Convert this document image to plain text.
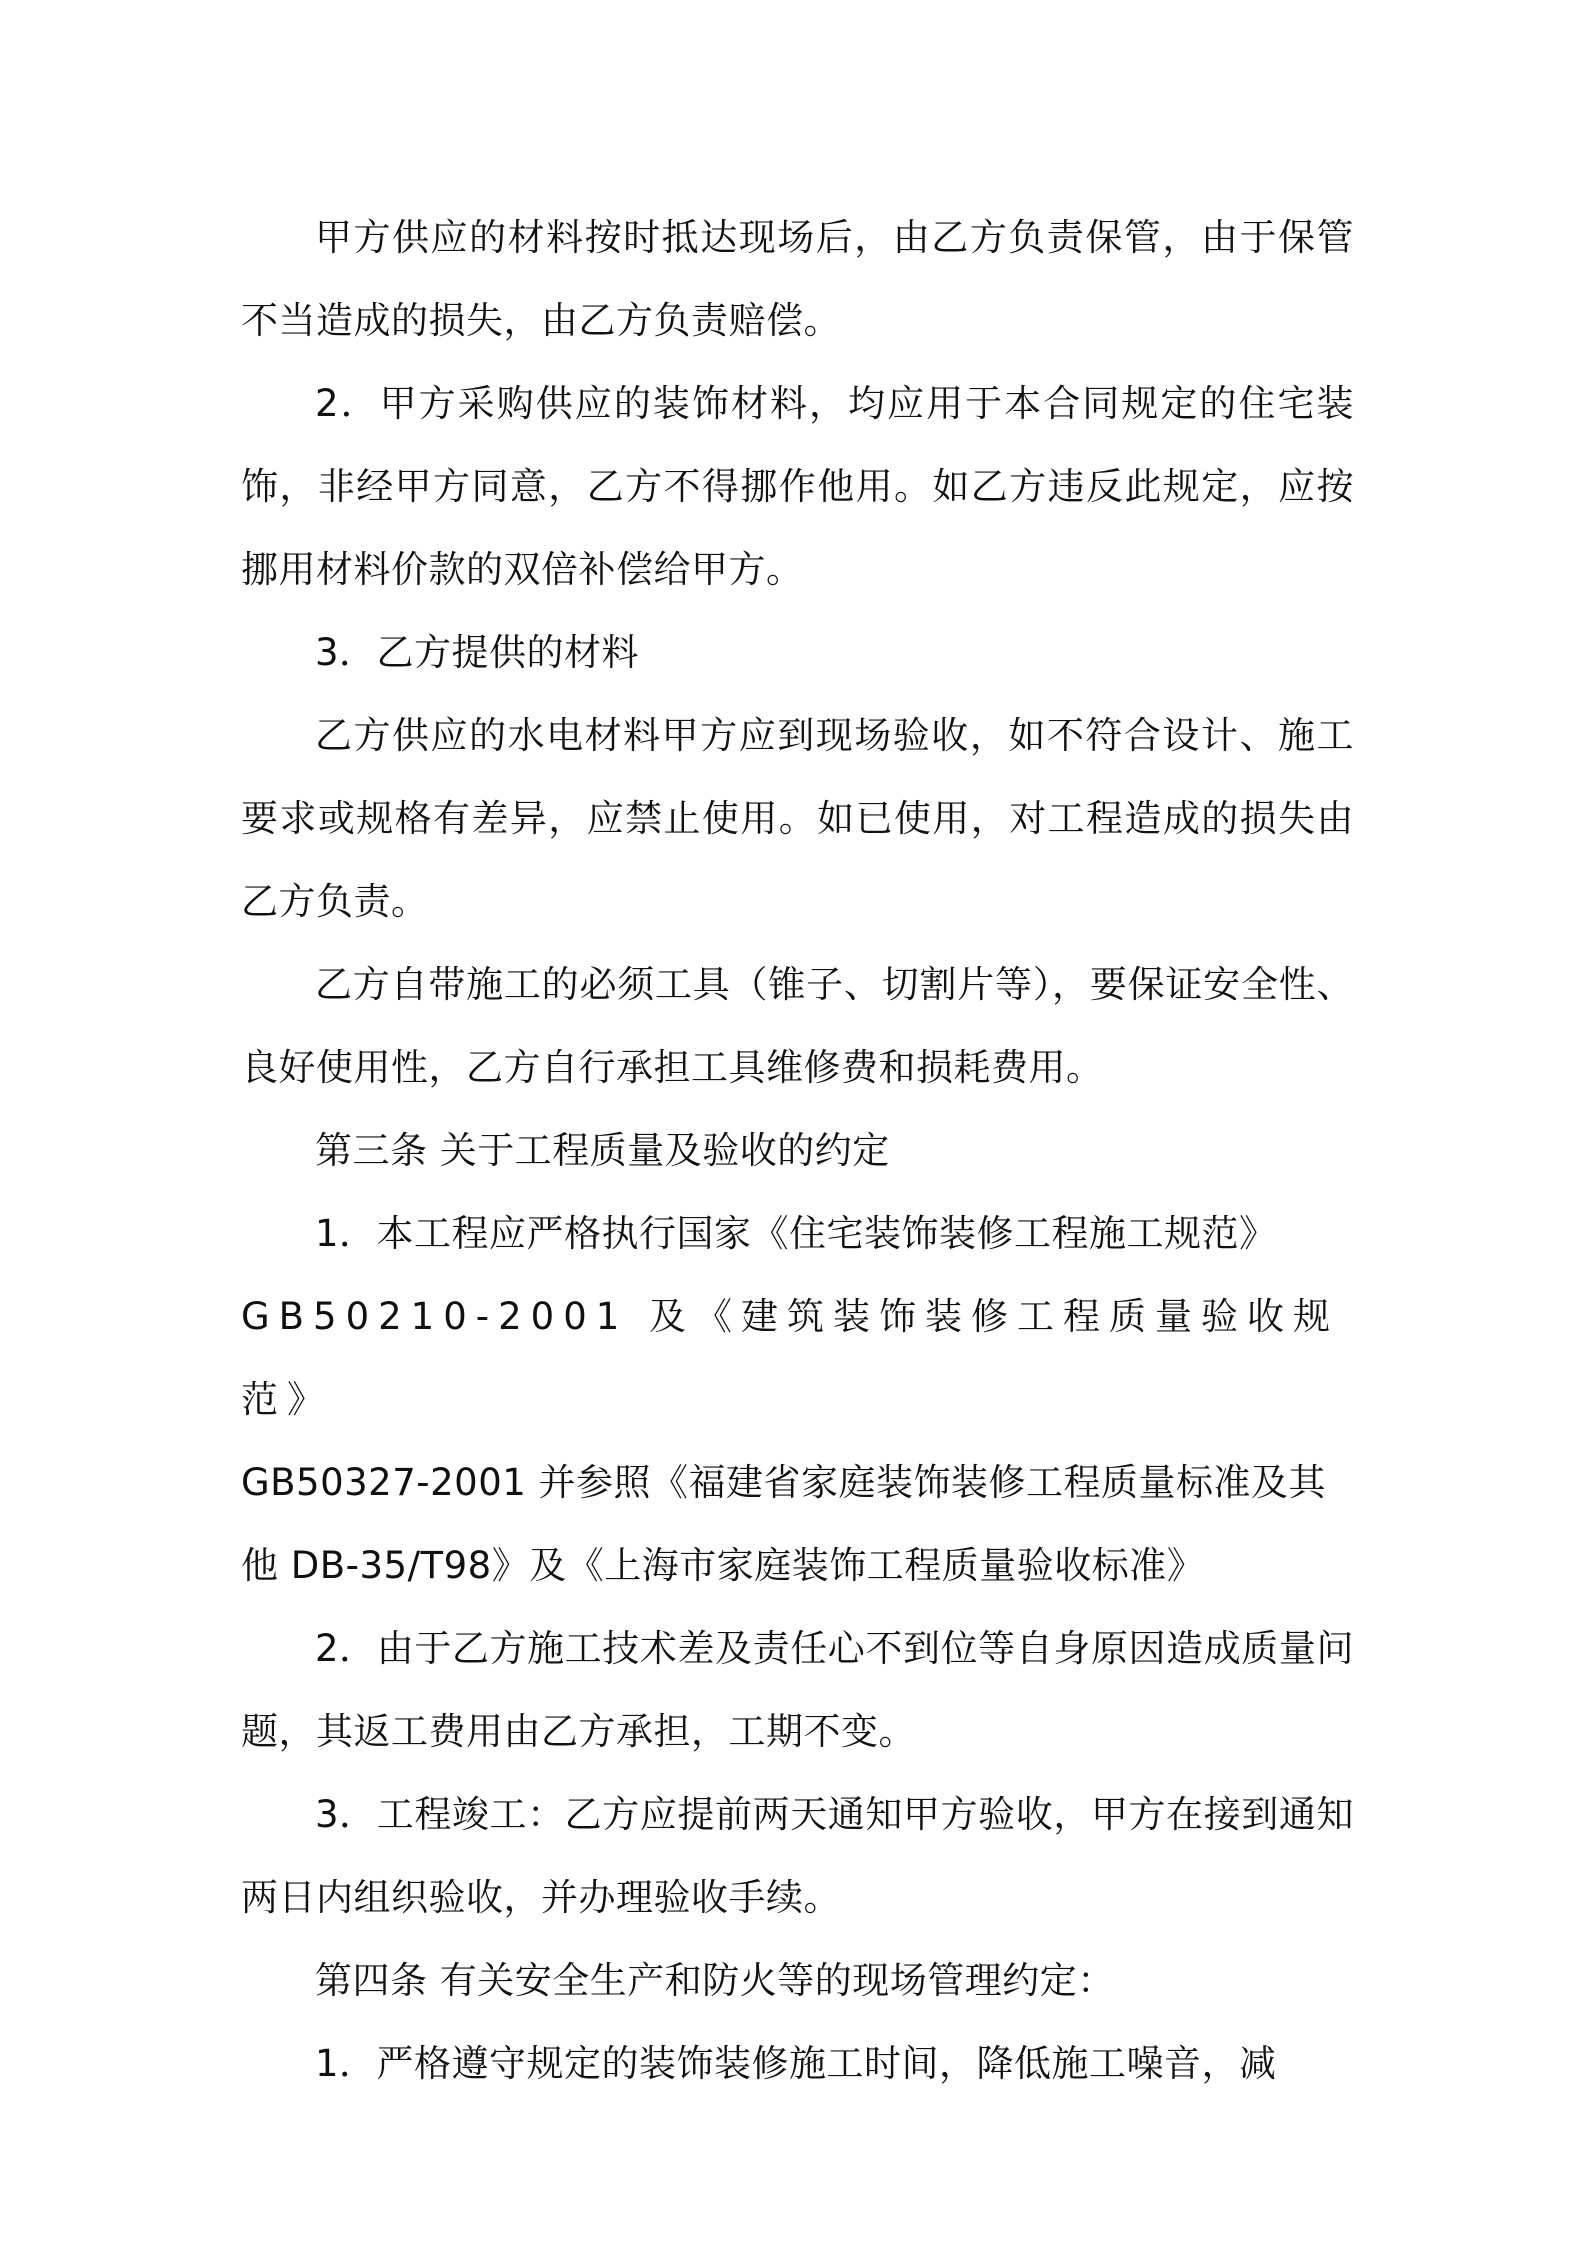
甲方供应的材料按时抵达现场后，由乙方负责保管，由于保管不当造成的损失，由乙方负责赔偿。

2．甲方采购供应的装饰材料，均应用于本合同规定的住宅装饰，非经甲方同意，乙方不得挪作他用。如乙方违反此规定，应按挪用材料价款的双倍补偿给甲方。

3．乙方提供的材料

乙方供应的水电材料甲方应到现场验收，如不符合设计、施工要求或规格有差异，应禁止使用。如已使用，对工程造成的损失由乙方负责。

乙方自带施工的必须工具（锥子、切割片等），要保证安全性、良好使用性，乙方自行承担工具维修费和损耗费用。

第三条 关于工程质量及验收的约定

1．本工程应严格执行国家《住宅装饰装修工程施工规范》
GB50210-2001 及《建筑装饰装修工程质量验收规范》
GB50327-2001 并参照《福建省家庭装饰装修工程质量标准及其
他 DB-35/T98》及《上海市家庭装饰工程质量验收标准》

2．由于乙方施工技术差及责任心不到位等自身原因造成质量问题，其返工费用由乙方承担，工期不变。

3．工程竣工：乙方应提前两天通知甲方验收，甲方在接到通知两日内组织验收，并办理验收手续。

第四条 有关安全生产和防火等的现场管理约定：

1．严格遵守规定的装饰装修施工时间，降低施工噪音，减
